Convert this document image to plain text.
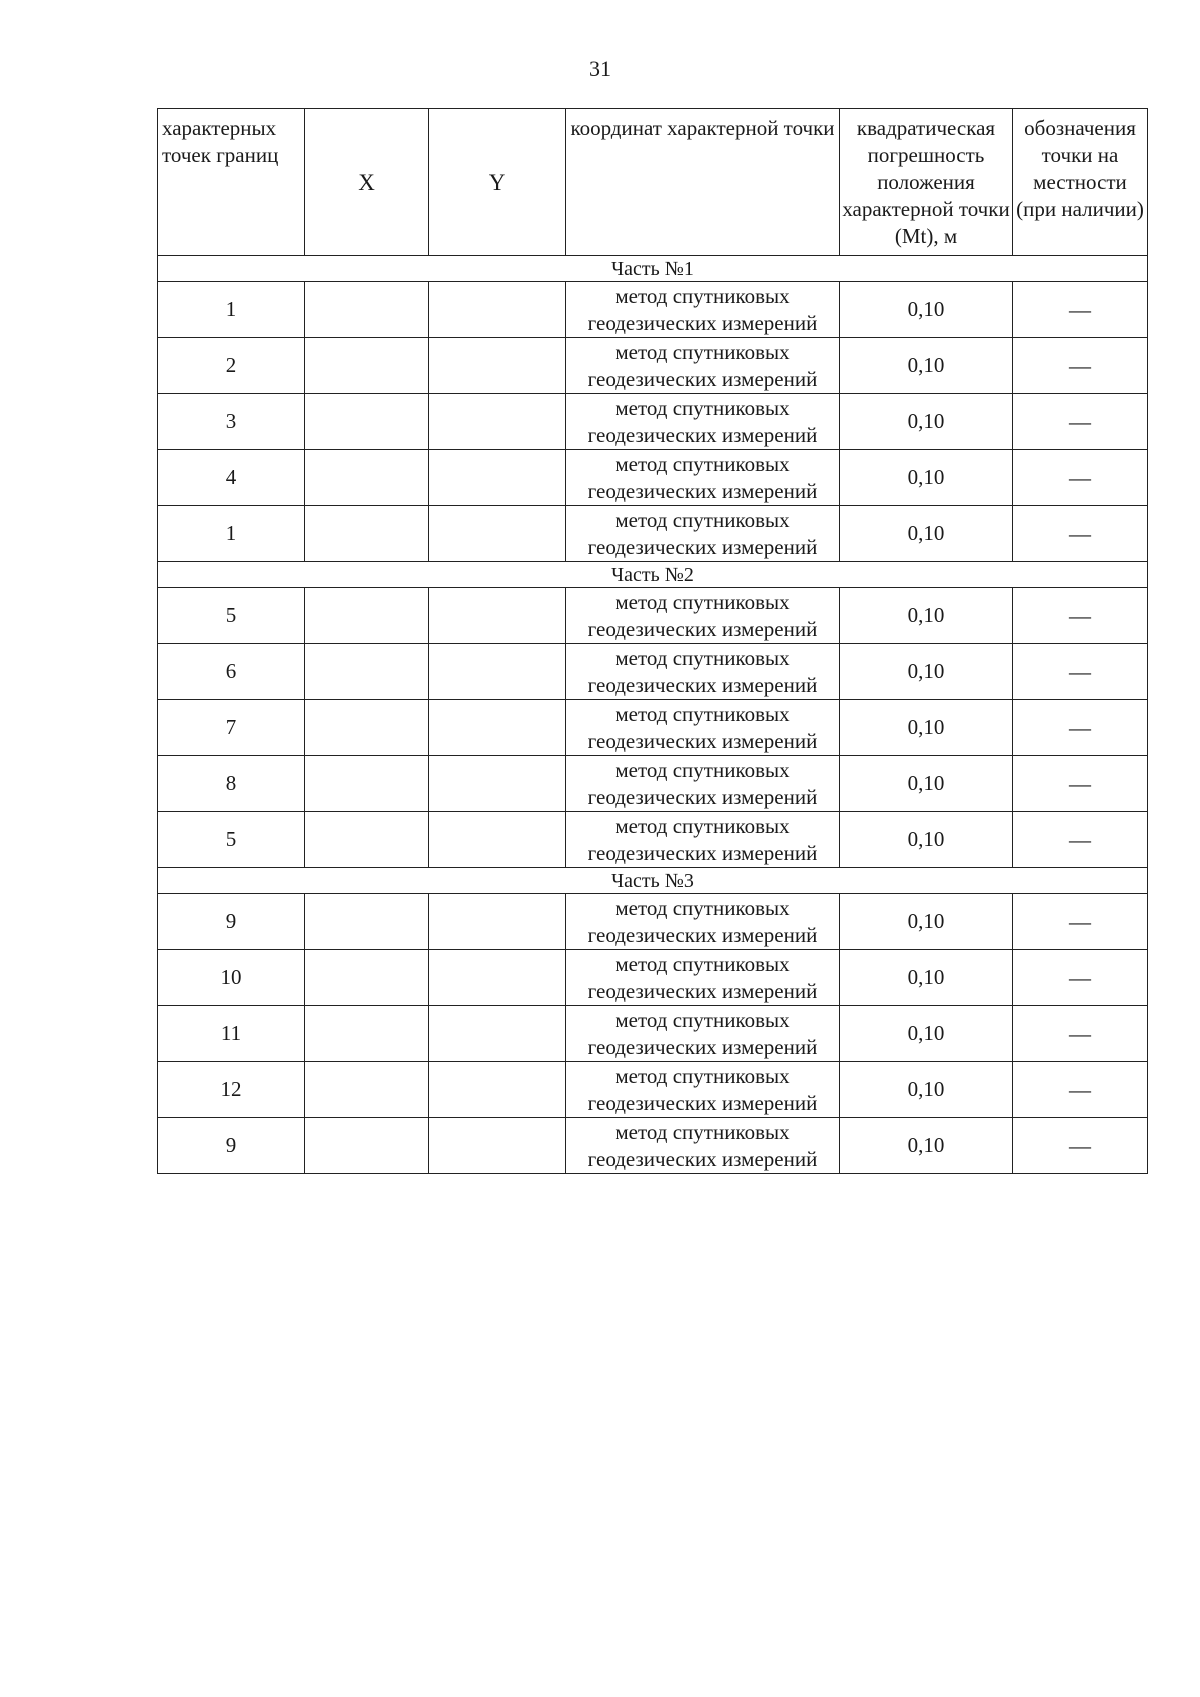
31
характерных точек границ	X	Y	координат характерной точки	квадратическая погрешность положения характерной точки (Mt), м	обозначения точки на местности (при наличии)
Часть №1					
1			метод спутниковых геодезических измерений	0,10	—
2			метод спутниковых геодезических измерений	0,10	—
3			метод спутниковых геодезических измерений	0,10	—
4			метод спутниковых геодезических измерений	0,10	—
1			метод спутниковых геодезических измерений	0,10	—
Часть №2					
5			метод спутниковых геодезических измерений	0,10	—
6			метод спутниковых геодезических измерений	0,10	—
7			метод спутниковых геодезических измерений	0,10	—
8			метод спутниковых геодезических измерений	0,10	—
5			метод спутниковых геодезических измерений	0,10	—
Часть №3					
9			метод спутниковых геодезических измерений	0,10	—
10			метод спутниковых геодезических измерений	0,10	—
11			метод спутниковых геодезических измерений	0,10	—
12			метод спутниковых геодезических измерений	0,10	—
9			метод спутниковых геодезических измерений	0,10	—
